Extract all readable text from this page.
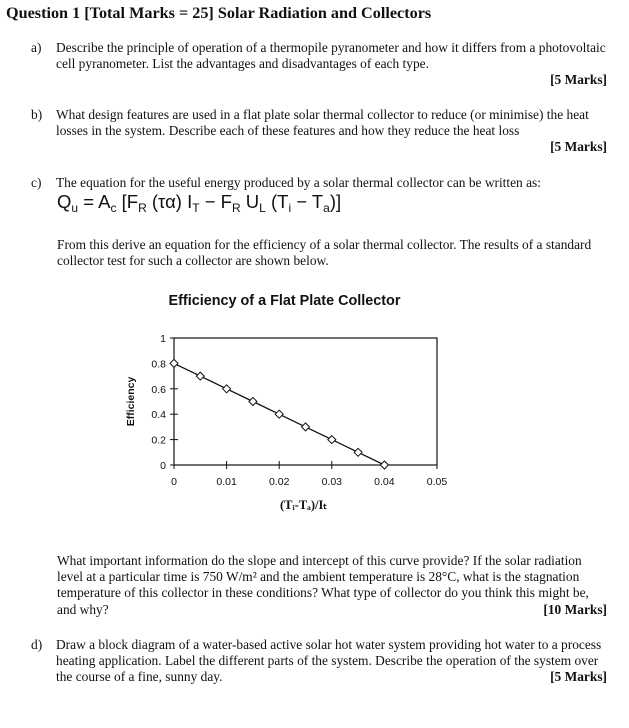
Question 1 [Total Marks = 25] Solar Radiation and Collectors
a) Describe the principle of operation of a thermopile pyranometer and how it differs from a photovoltaic cell pyranometer. List the advantages and disadvantages of each type.
[5 Marks]
b) What design features are used in a flat plate solar thermal collector to reduce (or minimise) the heat losses in the system. Describe each of these features and how they reduce the heat loss
[5 Marks]
c) The equation for the useful energy produced by a solar thermal collector can be written as:
$Q_u = A_c$ [$F_R$ (τα) $I_T - F_R$ $U_L$ $(T_i - T_a)$]
From this derive an equation for the efficiency of a solar thermal collector. The results of a standard collector test for such a collector are shown below.
Efficiency of a Flat Plate Collector
0
0.2
0.4
0.6
0.8
1
0	0.01	0.02	0.03	0.04	0.05
(Tᵢ-Tₐ)/Iₜ
Efficiency
What important information do the slope and intercept of this curve provide? If the solar radiation level at a particular time is 750 W/m² and the ambient temperature is 28°C, what is the stagnation temperature of this collector in these conditions? What type of collector do you think this might be, and why?	[10 Marks]
d) Draw a block diagram of a water-based active solar hot water system providing hot water to a process heating application. Label the different parts of the system. Describe the operation of the system over the course of a fine, sunny day.	[5 Marks]
